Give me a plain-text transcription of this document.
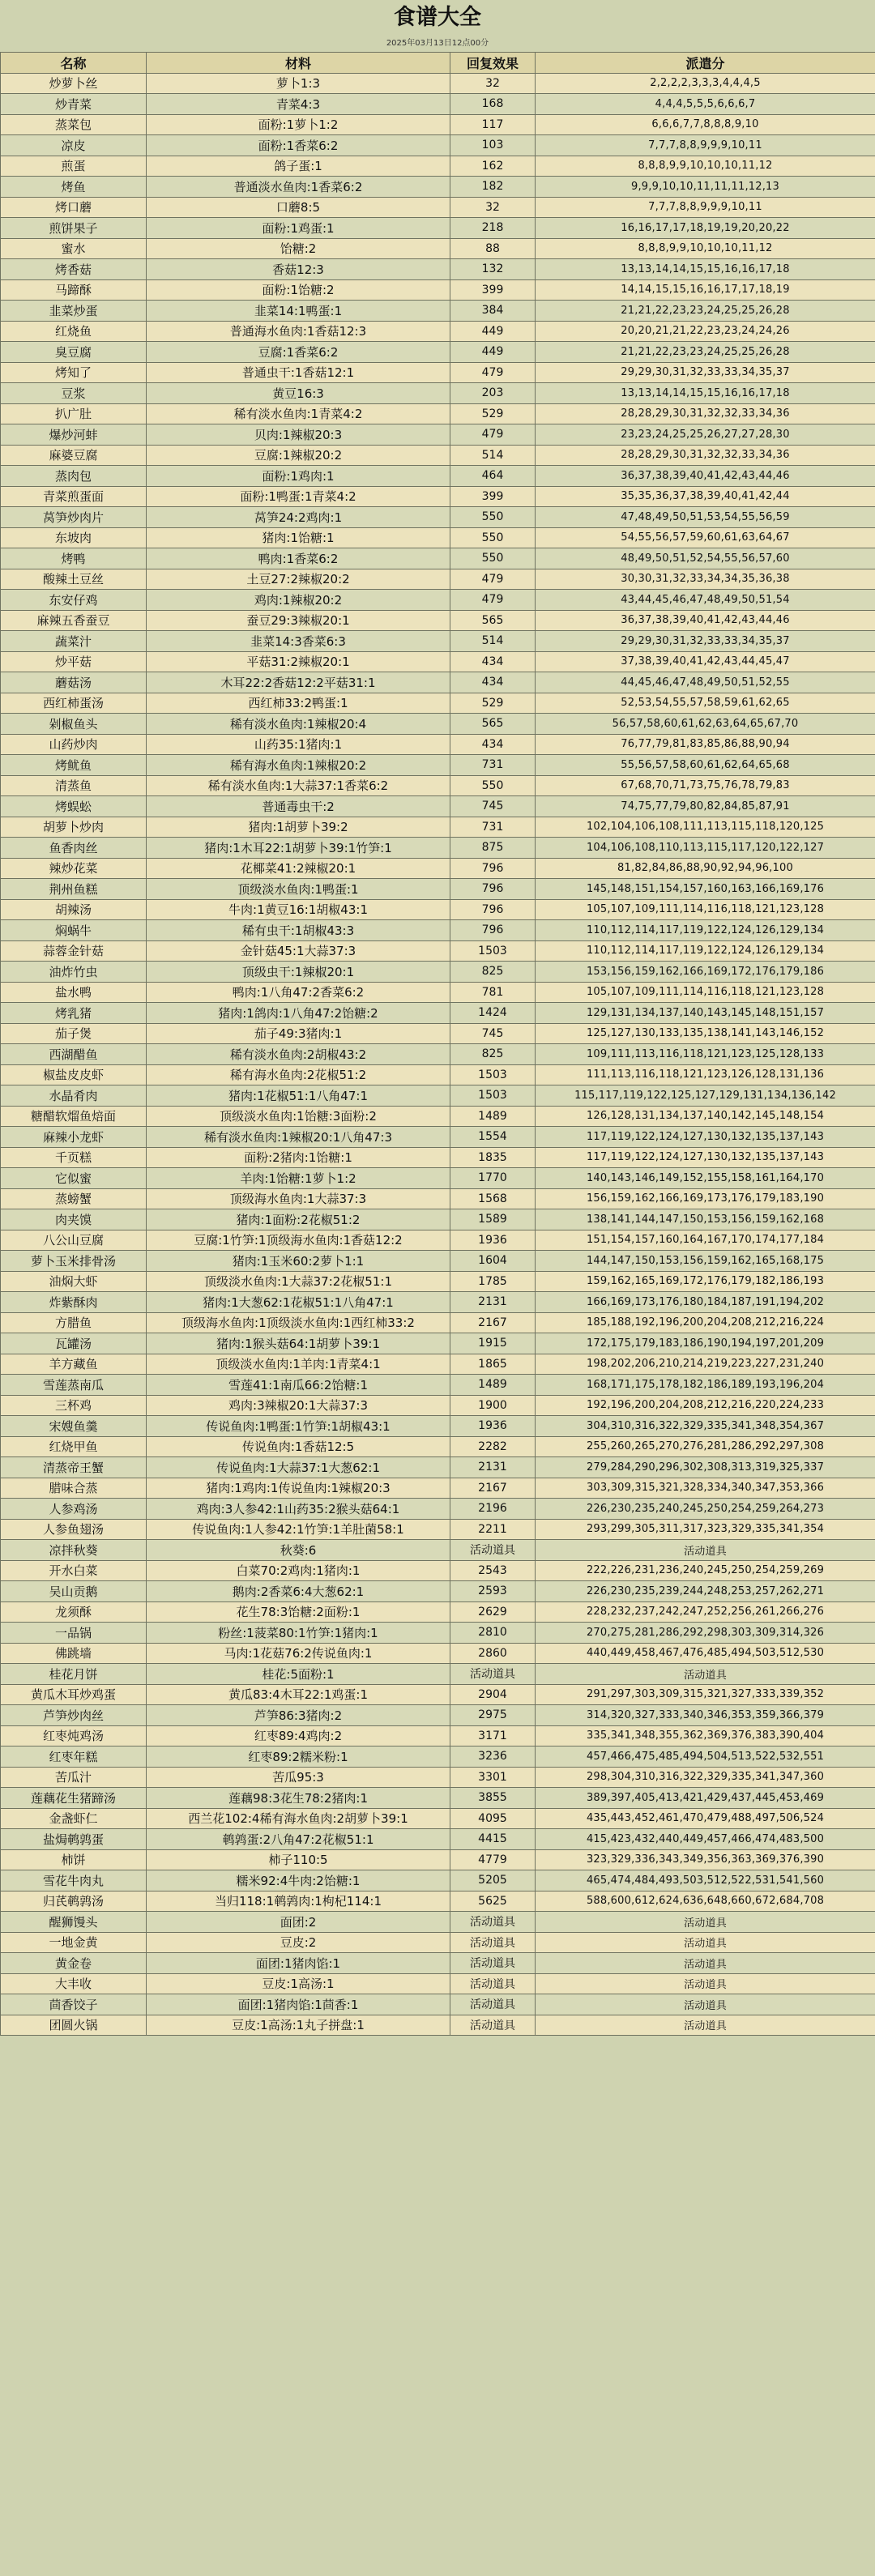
食谱大全
2025年03月13日12点00分
名称	材料	回复效果	派遣分
炒萝卜丝	萝卜1:3	32	2,2,2,2,3,3,3,4,4,4,5
炒青菜	青菜4:3	168	4,4,4,5,5,5,6,6,6,7
蒸菜包	面粉:1萝卜1:2	117	6,6,6,7,7,8,8,8,9,10
凉皮	面粉:1香菜6:2	103	7,7,7,8,8,9,9,9,10,11
煎蛋	鸽子蛋:1	162	8,8,8,9,9,10,10,10,11,12
烤鱼	普通淡水鱼肉:1香菜6:2	182	9,9,9,10,10,11,11,11,12,13
烤口蘑	口蘑8:5	32	7,7,7,8,8,9,9,9,10,11
煎饼果子	面粉:1鸡蛋:1	218	16,16,17,17,18,19,19,20,20,22
蜜水	饴糖:2	88	8,8,8,9,9,10,10,10,11,12
烤香菇	香菇12:3	132	13,13,14,14,15,15,16,16,17,18
马蹄酥	面粉:1饴糖:2	399	14,14,15,15,16,16,17,17,18,19
韭菜炒蛋	韭菜14:1鸭蛋:1	384	21,21,22,23,23,24,25,25,26,28
红烧鱼	普通海水鱼肉:1香菇12:3	449	20,20,21,21,22,23,23,24,24,26
臭豆腐	豆腐:1香菜6:2	449	21,21,22,23,23,24,25,25,26,28
烤知了	普通虫干:1香菇12:1	479	29,29,30,31,32,33,33,34,35,37
豆浆	黄豆16:3	203	13,13,14,14,15,15,16,16,17,18
扒广肚	稀有淡水鱼肉:1青菜4:2	529	28,28,29,30,31,32,32,33,34,36
爆炒河蚌	贝肉:1辣椒20:3	479	23,23,24,25,25,26,27,27,28,30
麻婆豆腐	豆腐:1辣椒20:2	514	28,28,29,30,31,32,32,33,34,36
蒸肉包	面粉:1鸡肉:1	464	36,37,38,39,40,41,42,43,44,46
青菜煎蛋面	面粉:1鸭蛋:1青菜4:2	399	35,35,36,37,38,39,40,41,42,44
莴笋炒肉片	莴笋24:2鸡肉:1	550	47,48,49,50,51,53,54,55,56,59
东坡肉	猪肉:1饴糖:1	550	54,55,56,57,59,60,61,63,64,67
烤鸭	鸭肉:1香菜6:2	550	48,49,50,51,52,54,55,56,57,60
酸辣土豆丝	土豆27:2辣椒20:2	479	30,30,31,32,33,34,34,35,36,38
东安仔鸡	鸡肉:1辣椒20:2	479	43,44,45,46,47,48,49,50,51,54
麻辣五香蚕豆	蚕豆29:3辣椒20:1	565	36,37,38,39,40,41,42,43,44,46
蔬菜汁	韭菜14:3香菜6:3	514	29,29,30,31,32,33,33,34,35,37
炒平菇	平菇31:2辣椒20:1	434	37,38,39,40,41,42,43,44,45,47
蘑菇汤	木耳22:2香菇12:2平菇31:1	434	44,45,46,47,48,49,50,51,52,55
西红柿蛋汤	西红柿33:2鸭蛋:1	529	52,53,54,55,57,58,59,61,62,65
剁椒鱼头	稀有淡水鱼肉:1辣椒20:4	565	56,57,58,60,61,62,63,64,65,67,70
山药炒肉	山药35:1猪肉:1	434	76,77,79,81,83,85,86,88,90,94
烤鱿鱼	稀有海水鱼肉:1辣椒20:2	731	55,56,57,58,60,61,62,64,65,68
清蒸鱼	稀有淡水鱼肉:1大蒜37:1香菜6:2	550	67,68,70,71,73,75,76,78,79,83
烤蜈蚣	普通毒虫干:2	745	74,75,77,79,80,82,84,85,87,91
胡萝卜炒肉	猪肉:1胡萝卜39:2	731	102,104,106,108,111,113,115,118,120,125
鱼香肉丝	猪肉:1木耳22:1胡萝卜39:1竹笋:1	875	104,106,108,110,113,115,117,120,122,127
辣炒花菜	花椰菜41:2辣椒20:1	796	81,82,84,86,88,90,92,94,96,100
荆州鱼糕	顶级淡水鱼肉:1鸭蛋:1	796	145,148,151,154,157,160,163,166,169,176
胡辣汤	牛肉:1黄豆16:1胡椒43:1	796	105,107,109,111,114,116,118,121,123,128
焖蜗牛	稀有虫干:1胡椒43:3	796	110,112,114,117,119,122,124,126,129,134
蒜蓉金针菇	金针菇45:1大蒜37:3	1503	110,112,114,117,119,122,124,126,129,134
油炸竹虫	顶级虫干:1辣椒20:1	825	153,156,159,162,166,169,172,176,179,186
盐水鸭	鸭肉:1八角47:2香菜6:2	781	105,107,109,111,114,116,118,121,123,128
烤乳猪	猪肉:1鸽肉:1八角47:2饴糖:2	1424	129,131,134,137,140,143,145,148,151,157
茄子煲	茄子49:3猪肉:1	745	125,127,130,133,135,138,141,143,146,152
西湖醋鱼	稀有淡水鱼肉:2胡椒43:2	825	109,111,113,116,118,121,123,125,128,133
椒盐皮皮虾	稀有海水鱼肉:2花椒51:2	1503	111,113,116,118,121,123,126,128,131,136
水晶肴肉	猪肉:1花椒51:1八角47:1	1503	115,117,119,122,125,127,129,131,134,136,142
糖醋软熘鱼焙面	顶级淡水鱼肉:1饴糖:3面粉:2	1489	126,128,131,134,137,140,142,145,148,154
麻辣小龙虾	稀有淡水鱼肉:1辣椒20:1八角47:3	1554	117,119,122,124,127,130,132,135,137,143
千页糕	面粉:2猪肉:1饴糖:1	1835	117,119,122,124,127,130,132,135,137,143
它似蜜	羊肉:1饴糖:1萝卜1:2	1770	140,143,146,149,152,155,158,161,164,170
蒸螃蟹	顶级海水鱼肉:1大蒜37:3	1568	156,159,162,166,169,173,176,179,183,190
肉夹馍	猪肉:1面粉:2花椒51:2	1589	138,141,144,147,150,153,156,159,162,168
八公山豆腐	豆腐:1竹笋:1顶级海水鱼肉:1香菇12:2	1936	151,154,157,160,164,167,170,174,177,184
萝卜玉米排骨汤	猪肉:1玉米60:2萝卜1:1	1604	144,147,150,153,156,159,162,165,168,175
油焖大虾	顶级淡水鱼肉:1大蒜37:2花椒51:1	1785	159,162,165,169,172,176,179,182,186,193
炸紫酥肉	猪肉:1大葱62:1花椒51:1八角47:1	2131	166,169,173,176,180,184,187,191,194,202
方腊鱼	顶级海水鱼肉:1顶级淡水鱼肉:1西红柿33:2	2167	185,188,192,196,200,204,208,212,216,224
瓦罐汤	猪肉:1猴头菇64:1胡萝卜39:1	1915	172,175,179,183,186,190,194,197,201,209
羊方藏鱼	顶级淡水鱼肉:1羊肉:1青菜4:1	1865	198,202,206,210,214,219,223,227,231,240
雪莲蒸南瓜	雪莲41:1南瓜66:2饴糖:1	1489	168,171,175,178,182,186,189,193,196,204
三杯鸡	鸡肉:3辣椒20:1大蒜37:3	1900	192,196,200,204,208,212,216,220,224,233
宋嫂鱼羹	传说鱼肉:1鸭蛋:1竹笋:1胡椒43:1	1936	304,310,316,322,329,335,341,348,354,367
红烧甲鱼	传说鱼肉:1香菇12:5	2282	255,260,265,270,276,281,286,292,297,308
清蒸帝王蟹	传说鱼肉:1大蒜37:1大葱62:1	2131	279,284,290,296,302,308,313,319,325,337
腊味合蒸	猪肉:1鸡肉:1传说鱼肉:1辣椒20:3	2167	303,309,315,321,328,334,340,347,353,366
人参鸡汤	鸡肉:3人参42:1山药35:2猴头菇64:1	2196	226,230,235,240,245,250,254,259,264,273
人参鱼翅汤	传说鱼肉:1人参42:1竹笋:1羊肚菌58:1	2211	293,299,305,311,317,323,329,335,341,354
凉拌秋葵	秋葵:6	活动道具	活动道具
开水白菜	白菜70:2鸡肉:1猪肉:1	2543	222,226,231,236,240,245,250,254,259,269
吴山贡鹅	鹅肉:2香菜6:4大葱62:1	2593	226,230,235,239,244,248,253,257,262,271
龙须酥	花生78:3饴糖:2面粉:1	2629	228,232,237,242,247,252,256,261,266,276
一品锅	粉丝:1菠菜80:1竹笋:1猪肉:1	2810	270,275,281,286,292,298,303,309,314,326
佛跳墙	马肉:1花菇76:2传说鱼肉:1	2860	440,449,458,467,476,485,494,503,512,530
桂花月饼	桂花:5面粉:1	活动道具	活动道具
黄瓜木耳炒鸡蛋	黄瓜83:4木耳22:1鸡蛋:1	2904	291,297,303,309,315,321,327,333,339,352
芦笋炒肉丝	芦笋86:3猪肉:2	2975	314,320,327,333,340,346,353,359,366,379
红枣炖鸡汤	红枣89:4鸡肉:2	3171	335,341,348,355,362,369,376,383,390,404
红枣年糕	红枣89:2糯米粉:1	3236	457,466,475,485,494,504,513,522,532,551
苦瓜汁	苦瓜95:3	3301	298,304,310,316,322,329,335,341,347,360
莲藕花生猪蹄汤	莲藕98:3花生78:2猪肉:1	3855	389,397,405,413,421,429,437,445,453,469
金盏虾仁	西兰花102:4稀有海水鱼肉:2胡萝卜39:1	4095	435,443,452,461,470,479,488,497,506,524
盐焗鹌鹑蛋	鹌鹑蛋:2八角47:2花椒51:1	4415	415,423,432,440,449,457,466,474,483,500
柿饼	柿子110:5	4779	323,329,336,343,349,356,363,369,376,390
雪花牛肉丸	糯米92:4牛肉:2饴糖:1	5205	465,474,484,493,503,512,522,531,541,560
归芪鹌鹑汤	当归118:1鹌鹑肉:1枸杞114:1	5625	588,600,612,624,636,648,660,672,684,708
醒狮馒头	面团:2	活动道具	活动道具
一地金黄	豆皮:2	活动道具	活动道具
黄金卷	面团:1猪肉馅:1	活动道具	活动道具
大丰收	豆皮:1高汤:1	活动道具	活动道具
茴香饺子	面团:1猪肉馅:1茴香:1	活动道具	活动道具
团圆火锅	豆皮:1高汤:1丸子拼盘:1	活动道具	活动道具
